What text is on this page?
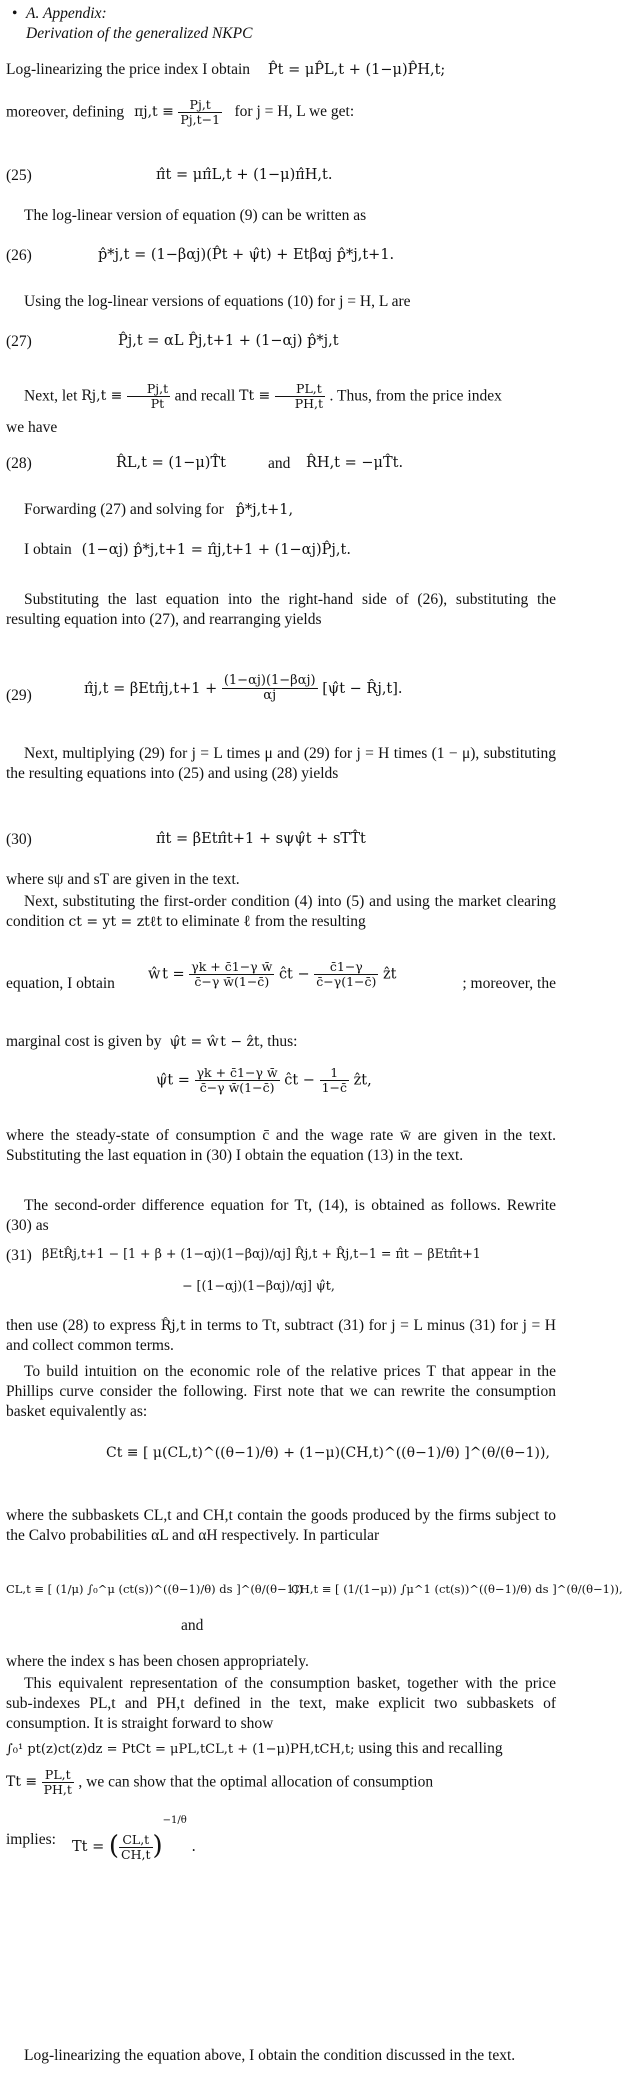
• A. Appendix:
Derivation of the generalized NKPC
Log-linearizing the price index I obtain P̂t = μP̂L,t + (1−μ)P̂H,t;
moreover, defining $\pi j,t \equiv \frac{Pj,t}{Pj,t-1}$ for j = H, L we get:
(25)	π̂t = μπ̂L,t + (1−μ)π̂H,t.
The log-linear version of equation (9) can be written as
(26)	p̂*j,t = (1−βαj)(P̂t + ψ̂t) + Etβαj p̂*j,t+1.
Using the log-linear versions of equations (10) for j = H, L are
(27)	P̂j,t = αL P̂j,t+1 + (1−αj) p̂*j,t
Next, let $Rj,t \equiv \frac{Pj,t}{Pt}$ and recall $Tt \equiv \frac{PL,t}{PH,t}$ . Thus, from the price index
we have
(28)	R̂L,t = (1−μ)T̂t	and R̂H,t = −μT̂t.
Forwarding (27) and solving for p̂*j,t+1,
I obtain (1−αj) p̂*j,t+1 = π̂j,t+1 + (1−αj)P̂j,t.
Substituting the last equation into the right-hand side of (26), substituting the resulting equation into (27), and rearranging yields
(29)	π̂j,t = βEtπ̂j,t+1 + $\frac{\text{(1−αj)(1−βαj)}}{\alpha j}$ [ψ̂t − R̂j,t].
Next, multiplying (29) for j = L times μ and (29) for j = H times (1 − μ), substituting the resulting equations into (25) and using (28) yields
(30)	π̂t = βEtπ̂t+1 + sψψ̂t + sTT̂t
where sψ and sT are given in the text.
Next, substituting the first-order condition (4) into (5) and using the market clearing condition ct = yt = ztℓt to eliminate ℓ from the resulting
equation, I obtain
ŵt = $\frac{\text{γk + c̄1−γ w̄}}{\text{c̄−γ w̄(1−c̄)}}$ ĉt − $\frac{c̄1-\gamma}{c̄-\gamma(1-c̄)}$ ẑt
; moreover, the
marginal cost is given by ψ̂t = ŵt − ẑt, thus:
ψ̂t = $\frac{\text{γk + c̄1−γ w̄}}{\text{c̄−γ w̄(1−c̄)}}$ ĉt − $\frac{1}{1-c̄}$ ẑt,
where the steady-state of consumption c̄ and the wage rate w̄ are given in the text. Substituting the last equation in (30) I obtain the equation (13) in the text.
The second-order difference equation for Tt, (14), is obtained as follows. Rewrite (30) as
(31) βEtR̂j,t+1 − [1 + β + (1−αj)(1−βαj)/αj] R̂j,t + R̂j,t−1 = π̂t − βEtπ̂t+1
− [(1−αj)(1−βαj)/αj] ψ̂t,
then use (28) to express R̂j,t in terms to Tt, subtract (31) for j = L minus (31) for j = H and collect common terms.
To build intuition on the economic role of the relative prices T that appear in the Phillips curve consider the following. First note that we can rewrite the consumption basket equivalently as:
Ct ≡ [ μ(CL,t)^((θ−1)/θ) + (1−μ)(CH,t)^((θ−1)/θ) ]^(θ/(θ−1)),
where the subbaskets CL,t and CH,t contain the goods produced by the firms subject to the Calvo probabilities αL and αH respectively. In particular
CL,t ≡ [ (1/μ) ∫₀^μ (ct(s))^((θ−1)/θ) ds ]^(θ/(θ−1))
CH,t ≡ [ (1/(1−μ)) ∫μ^1 (ct(s))^((θ−1)/θ) ds ]^(θ/(θ−1)),
and
where the index s has been chosen appropriately.
This equivalent representation of the consumption basket, together with the price sub-indexes PL,t and PH,t defined in the text, make explicit two subbaskets of consumption. It is straight forward to show
∫₀¹ pt(z)ct(z)dz = PtCt = μPL,tCL,t + (1−μ)PH,tCH,t; using this and recalling
$Tt \equiv \frac{PL,t}{PH,t}$ , we can show that the optimal allocation of consumption
implies: Tt = ( $\frac{CL,t}{CH,t} )^{-1/\theta}$ .
Log-linearizing the equation above, I obtain the condition discussed in the text.
